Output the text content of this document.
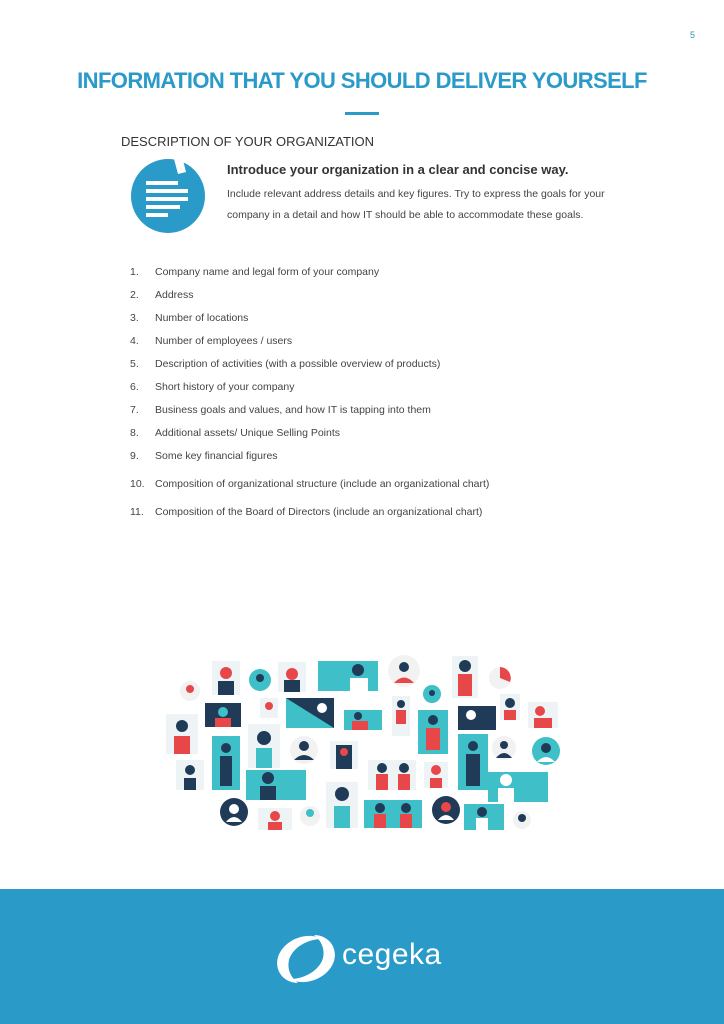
5
INFORMATION THAT YOU SHOULD DELIVER YOURSELF
DESCRIPTION OF YOUR ORGANIZATION

Introduce your organization in a clear and concise way.

Include relevant address details and key figures. Try to express the goals for your company in a detail and how IT should be able to accommodate these goals.

1.	Company name and legal form of your company
2.	Address
3.	Number of locations
4.	Number of employees / users
5.	Description of activities (with a possible overview of products)
6.	Short history of your company
7.	Business goals and values, and how IT is tapping into them
8.	Additional assets/ Unique Selling Points
9.	Some key financial figures
10. Composition of organizational structure (include an organizational chart)
11.	Composition of the Board of Directors (include an organizational chart)
cegeka
